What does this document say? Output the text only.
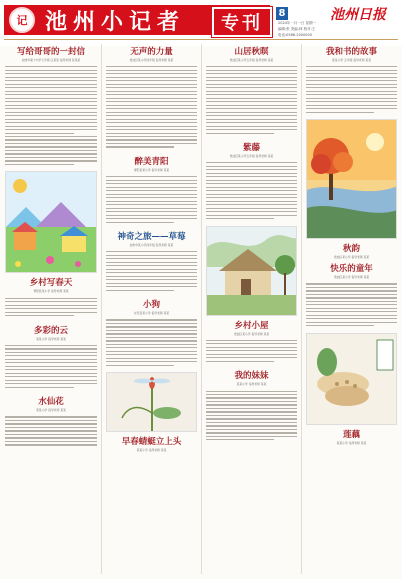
记 池州小记者	专刊	8	池州日报
2024年一月一日 星期一
编辑:张 美编:林 校对:王
电话:0566-2000000
写给哥哥的一封信
池州市第十中学七年级 汪某某 指导老师 张某某
乡村写春天
青阳县某小学 指导老师 某某
多彩的云
某某小学 指导老师 某某
水仙花
某某小学 指导老师 某某
无声的力量
贵池区某小学四年级 指导老师 某某
醉美青阳
青阳县某小学 指导老师 某某
神奇之旅——草莓
池州市某小学四年级 指导老师 某某
小狗
东至县某小学 指导老师 某某
早春蜻蜓立上头
某某小学 指导老师 某某
山居秋暝
贵池区某小学五年级 指导老师 某某
紫藤
贵池区某小学五年级 指导老师 某某
乡村小屋
贵池区某小学 指导老师 某某
我的妹妹
某某小学 指导老师 某某
我和书的故事
某某小学 五年级 指导老师 某某
秋韵
贵池区某小学 指导老师 某某
快乐的童年
贵池区某小学 指导老师 某某
莲藕
某某小学 指导老师 某某
